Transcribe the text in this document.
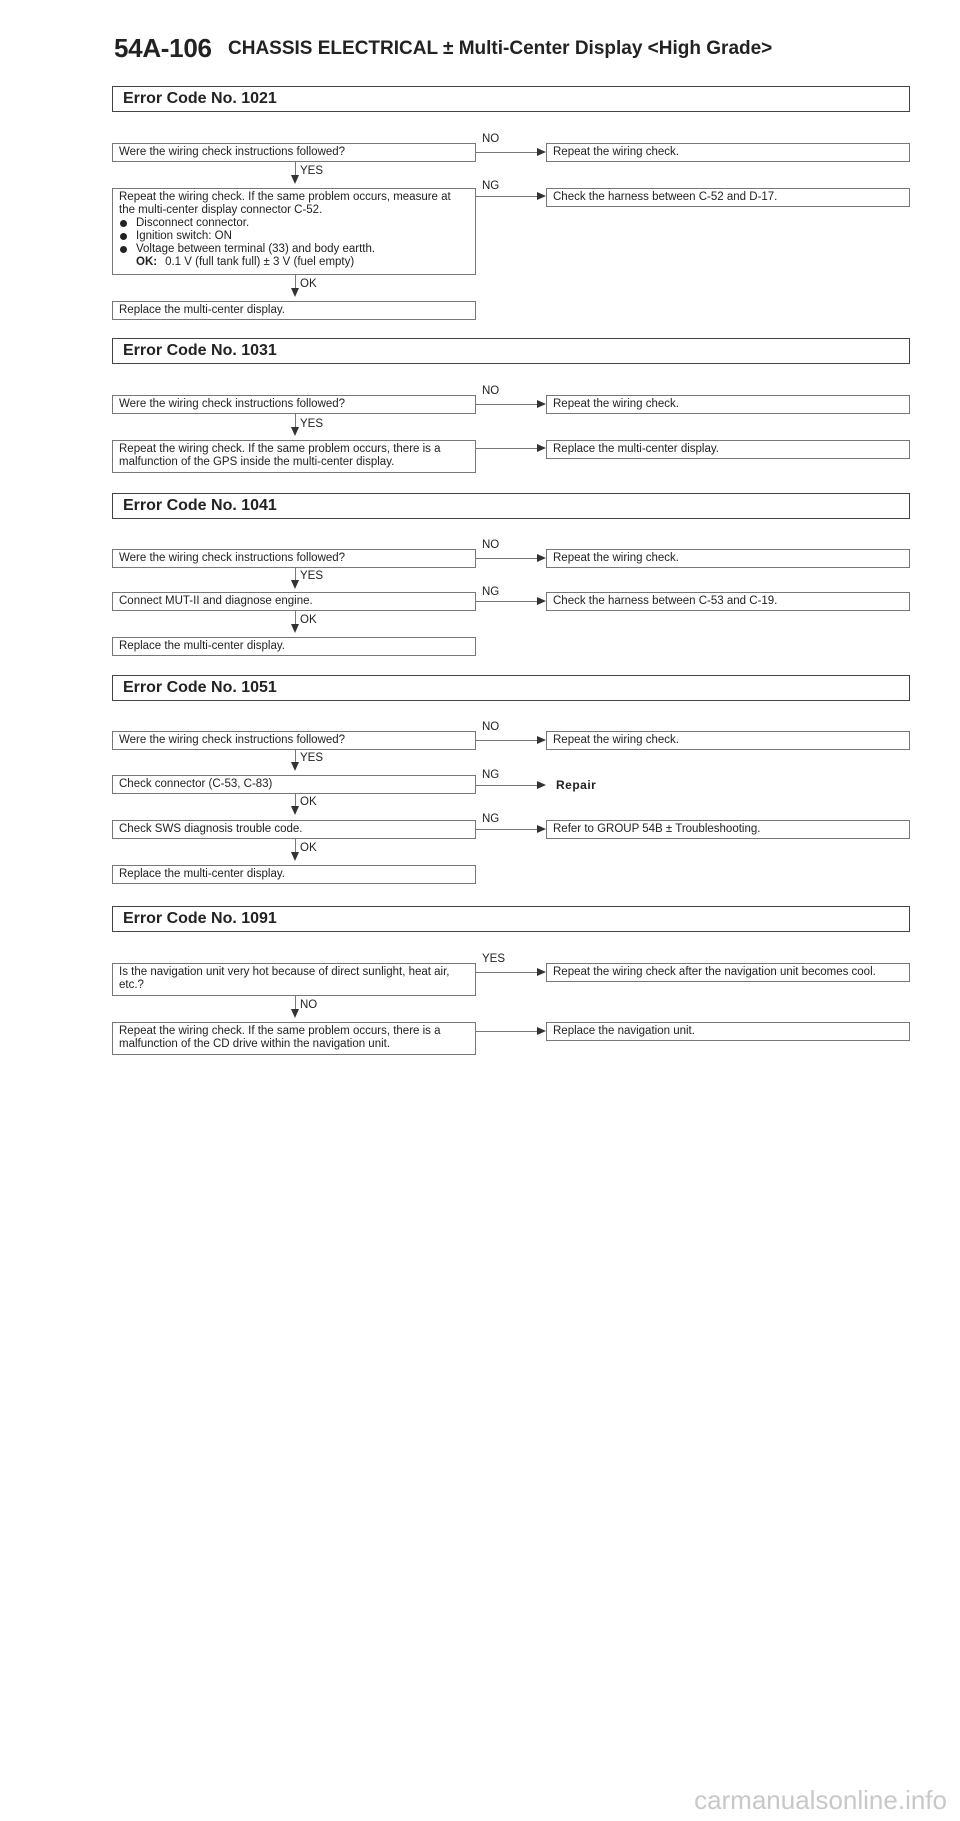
54A-106 CHASSIS ELECTRICAL ± Multi-Center Display <High Grade>
Error Code No. 1021
NO
Were the wiring check instructions followed?	Repeat the wiring check.
YES
NG
Repeat the wiring check. If the same problem occurs, measure at the multi-center display connector C-52.
Disconnect connector.
Ignition switch: ON
Voltage between terminal (33) and body eartth.
OK: 0.1 V (full tank full) ± 3 V (fuel empty)
Check the harness between C-52 and D-17.
OK
Replace the multi-center display.
Error Code No. 1031
NO
Were the wiring check instructions followed?	Repeat the wiring check.
YES
Repeat the wiring check. If the same problem occurs, there is a malfunction of the GPS inside the multi-center display.
Replace the multi-center display.
Error Code No. 1041
NO
Were the wiring check instructions followed?	Repeat the wiring check.
YES
NG
Connect MUT-II and diagnose engine.	Check the harness between C-53 and C-19.
OK
Replace the multi-center display.
Error Code No. 1051
NO
Were the wiring check instructions followed?	Repeat the wiring check.
YES
NG
Check connector (C-53, C-83)	Repair
OK
NG
Check SWS diagnosis trouble code.	Refer to GROUP 54B ± Troubleshooting.
OK
Replace the multi-center display.
Error Code No. 1091
YES
Is the navigation unit very hot because of direct sunlight, heat air, etc.?
Repeat the wiring check after the navigation unit becomes cool.
NO
Repeat the wiring check. If the same problem occurs, there is a malfunction of the CD drive within the navigation unit.
Replace the navigation unit.
carmanualsonline.info
